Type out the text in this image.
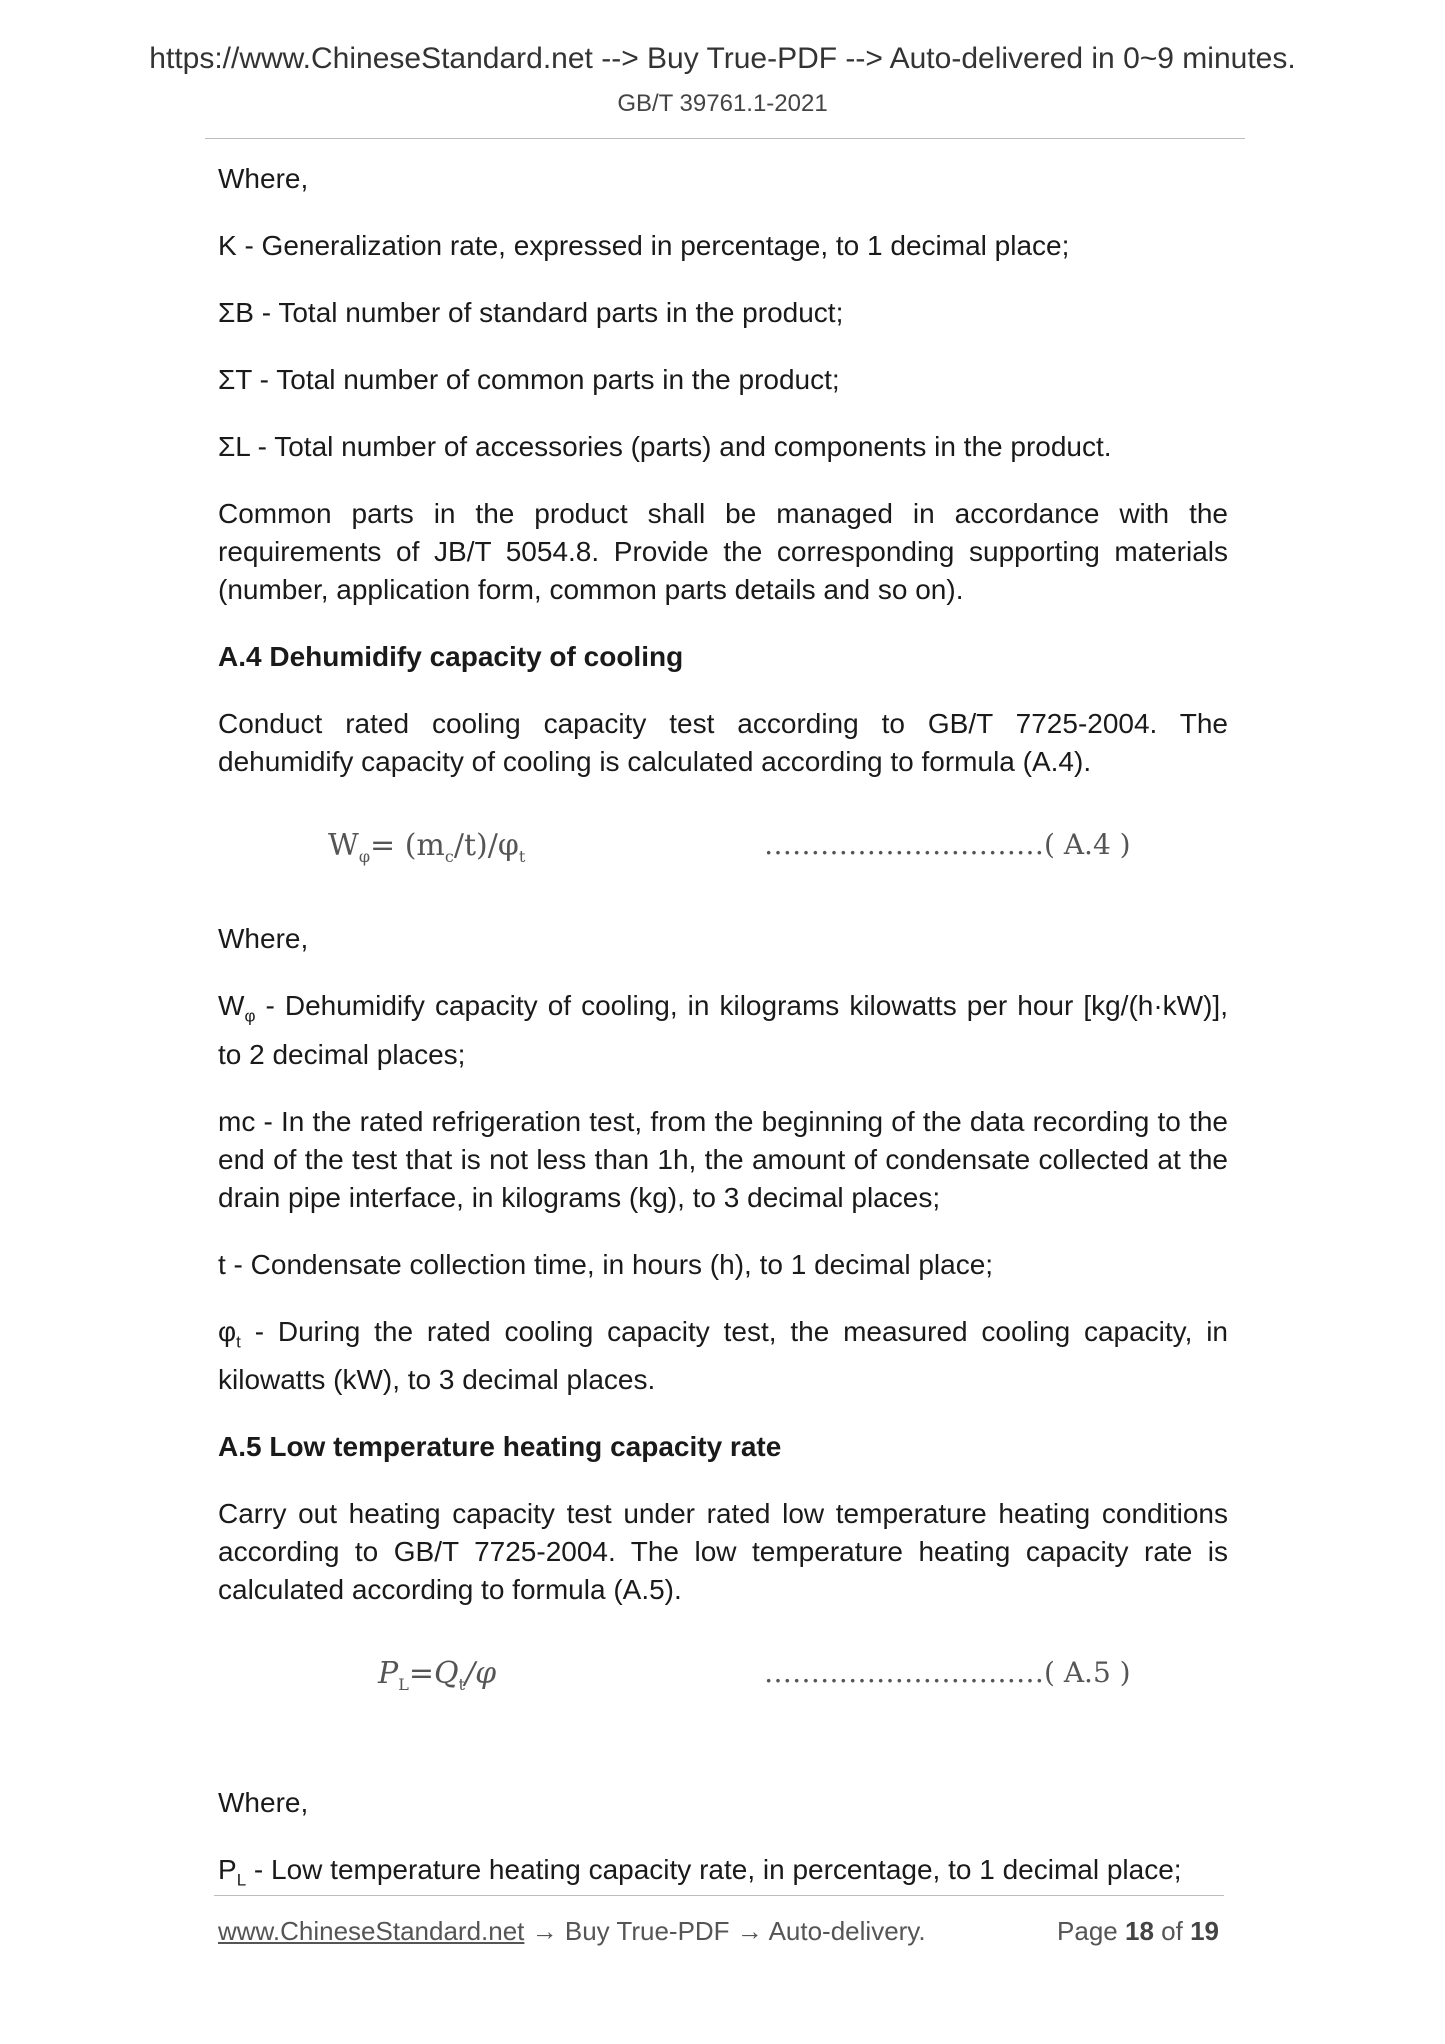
https://www.ChineseStandard.net --> Buy True-PDF --> Auto-delivered in 0~9 minutes.
GB/T 39761.1-2021

Where,

K - Generalization rate, expressed in percentage, to 1 decimal place;

ΣB - Total number of standard parts in the product;

ΣT - Total number of common parts in the product;

ΣL - Total number of accessories (parts) and components in the product.

Common parts in the product shall be managed in accordance with the requirements of JB/T 5054.8. Provide the corresponding supporting materials (number, application form, common parts details and so on).

A.4 Dehumidify capacity of cooling

Conduct rated cooling capacity test according to GB/T 7725-2004. The dehumidify capacity of cooling is calculated according to formula (A.4).

$W_\varphi= (m_c/t)/\varphi_t$	…………………………( A.4 )

Where,

$W_\varphi$ - Dehumidify capacity of cooling, in kilograms kilowatts per hour [kg/(h·kW)], to 2 decimal places;

mc - In the rated refrigeration test, from the beginning of the data recording to the end of the test that is not less than 1h, the amount of condensate collected at the drain pipe interface, in kilograms (kg), to 3 decimal places;

t - Condensate collection time, in hours (h), to 1 decimal place;

$\varphi_t$ - During the rated cooling capacity test, the measured cooling capacity, in kilowatts (kW), to 3 decimal places.

A.5 Low temperature heating capacity rate

Carry out heating capacity test under rated low temperature heating conditions according to GB/T 7725-2004. The low temperature heating capacity rate is calculated according to formula (A.5).

$P_L=Q_t/\varphi$	…………………………( A.5 )

Where,

$P_L$ - Low temperature heating capacity rate, in percentage, to 1 decimal place;

www.ChineseStandard.net → Buy True-PDF → Auto-delivery.	Page 18 of 19
